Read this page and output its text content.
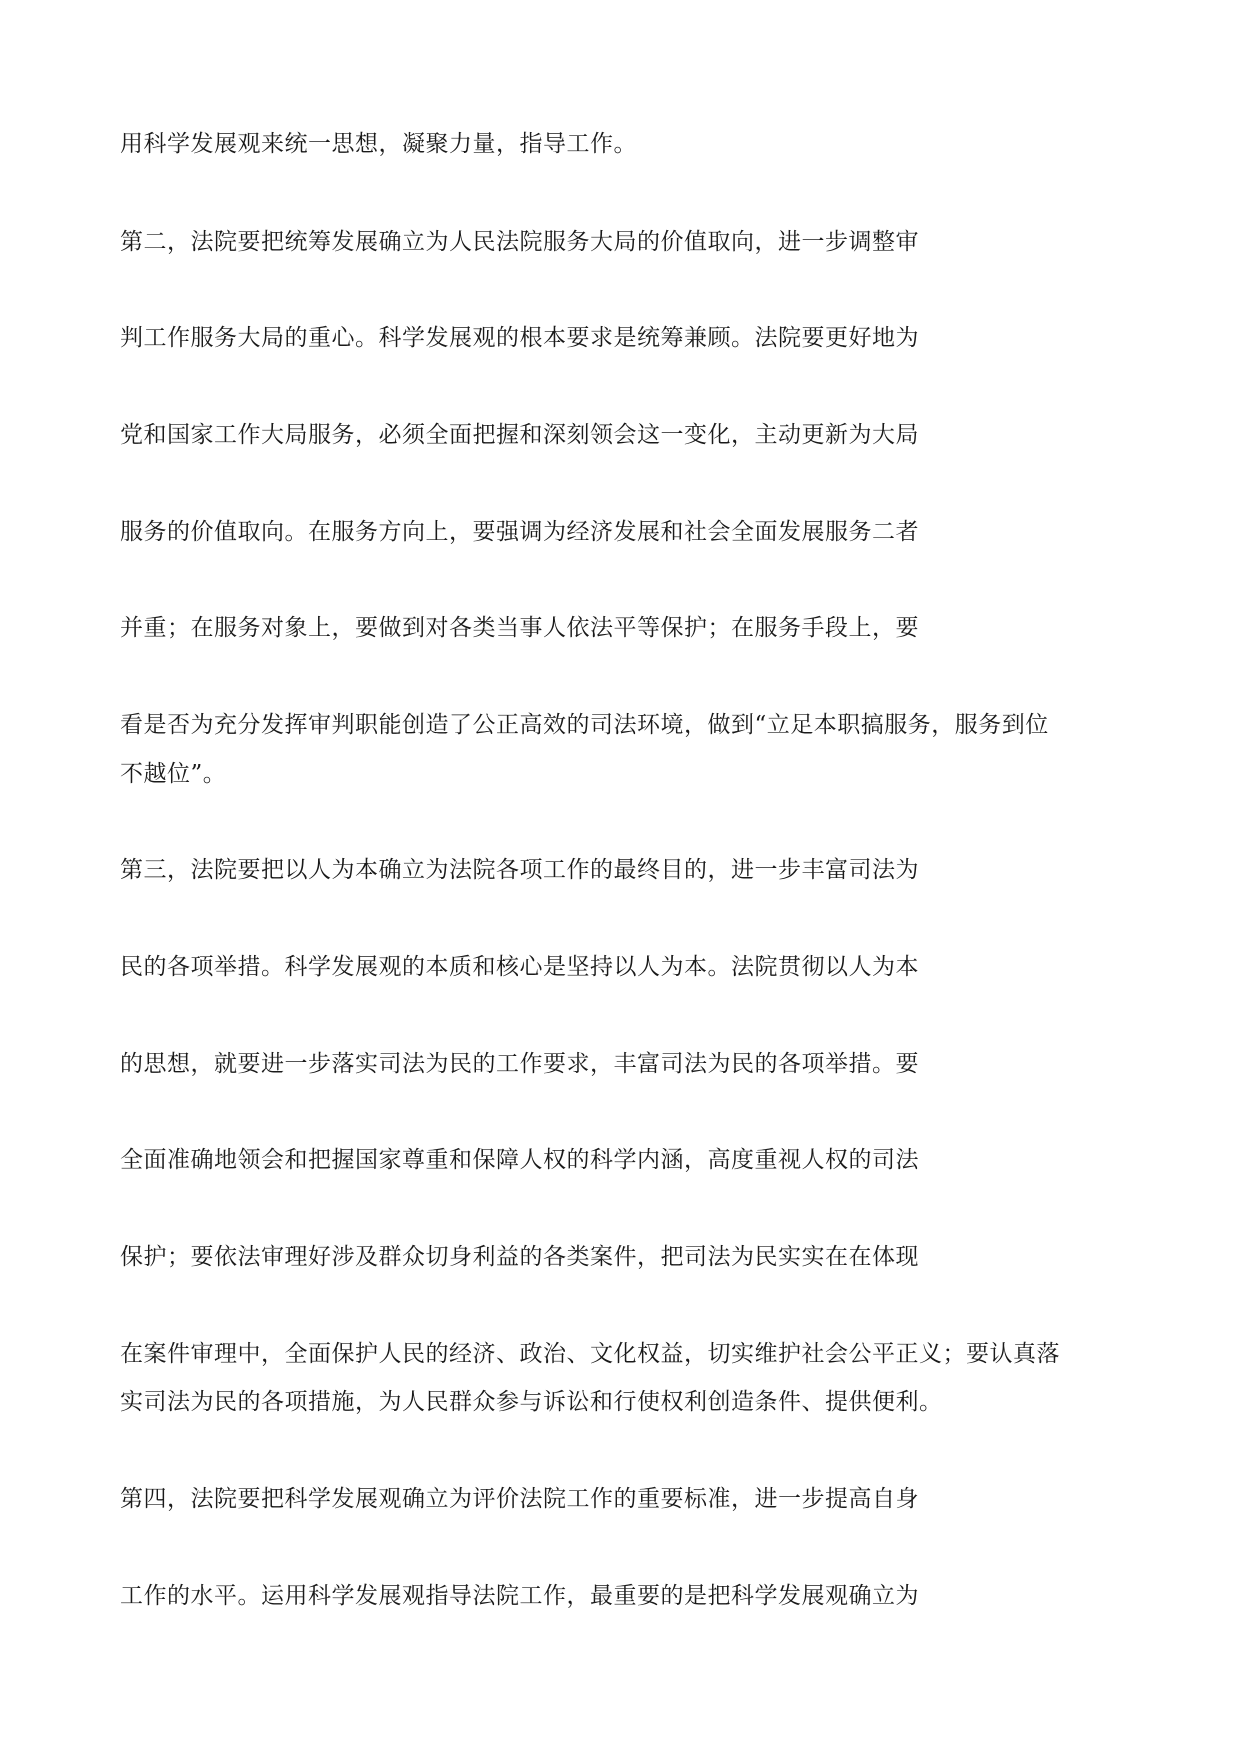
用科学发展观来统一思想，凝聚力量，指导工作。
第二，法院要把统筹发展确立为人民法院服务大局的价值取向，进一步调整审
判工作服务大局的重心。科学发展观的根本要求是统筹兼顾。法院要更好地为
党和国家工作大局服务，必须全面把握和深刻领会这一变化，主动更新为大局
服务的价值取向。在服务方向上，要强调为经济发展和社会全面发展服务二者
并重；在服务对象上，要做到对各类当事人依法平等保护；在服务手段上，要
看是否为充分发挥审判职能创造了公正高效的司法环境，做到“立足本职搞服务，服务到位
不越位”。
第三，法院要把以人为本确立为法院各项工作的最终目的，进一步丰富司法为
民的各项举措。科学发展观的本质和核心是坚持以人为本。法院贯彻以人为本
的思想，就要进一步落实司法为民的工作要求，丰富司法为民的各项举措。要
全面准确地领会和把握国家尊重和保障人权的科学内涵，高度重视人权的司法
保护；要依法审理好涉及群众切身利益的各类案件，把司法为民实实在在体现
在案件审理中，全面保护人民的经济、政治、文化权益，切实维护社会公平正义；要认真落
实司法为民的各项措施，为人民群众参与诉讼和行使权利创造条件、提供便利。
第四，法院要把科学发展观确立为评价法院工作的重要标准，进一步提高自身
工作的水平。运用科学发展观指导法院工作，最重要的是把科学发展观确立为
